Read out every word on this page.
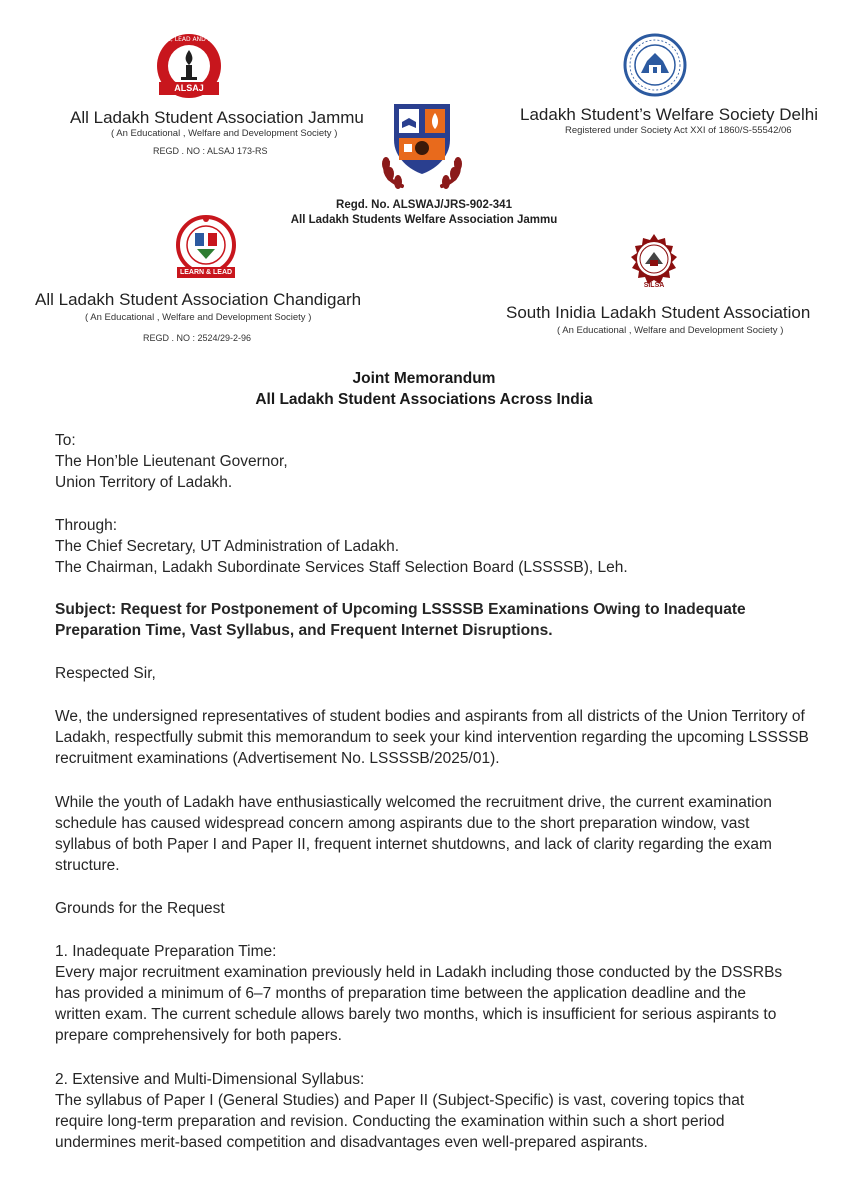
LEARN, LEAD AND SERVE
ALSAJ
All Ladakh Student Association Jammu
( An Educational , Welfare and Development Society )
REGD . NO : ALSAJ 173-RS
Ladakh Student’s Welfare Society Delhi
Registered under Society Act XXI of 1860/S-55542/06
Regd. No. ALSWAJ/JRS-902-341
All Ladakh Students Welfare Association Jammu
LEARN & LEAD
All Ladakh Student Association Chandigarh
( An Educational , Welfare and Development Society )
REGD . NO : 2524/29-2-96
SILSA
South Inidia Ladakh Student Association
( An Educational , Welfare and Development Society )
Joint Memorandum
All Ladakh Student Associations Across India

To:

The Hon’ble Lieutenant Governor,

Union Territory of Ladakh.

Through:

The Chief Secretary, UT Administration of Ladakh.

The Chairman, Ladakh Subordinate Services Staff Selection Board (LSSSSB), Leh.

Subject: Request for Postponement of Upcoming LSSSSB Examinations Owing to Inadequate Preparation Time, Vast Syllabus, and Frequent Internet Disruptions.
Respected Sir,
We, the undersigned representatives of student bodies and aspirants from all districts of the Union Territory of Ladakh, respectfully submit this memorandum to seek your kind intervention regarding the upcoming LSSSSB recruitment examinations (Advertisement No. LSSSSB/2025/01).
While the youth of Ladakh have enthusiastically welcomed the recruitment drive, the current examination schedule has caused widespread concern among aspirants due to the short preparation window, vast syllabus of both Paper I and Paper II, frequent internet shutdowns, and lack of clarity regarding the exam structure.
Grounds for the Request
1. Inadequate Preparation Time:
Every major recruitment examination previously held in Ladakh including those conducted by the DSSRBs has provided a minimum of 6–7 months of preparation time between the application deadline and the written exam. The current schedule allows barely two months, which is insufficient for serious aspirants to prepare comprehensively for both papers.
2. Extensive and Multi-Dimensional Syllabus:
The syllabus of Paper I (General Studies) and Paper II (Subject-Specific) is vast, covering topics that require long-term preparation and revision. Conducting the examination within such a short period undermines merit-based competition and disadvantages even well-prepared aspirants.
